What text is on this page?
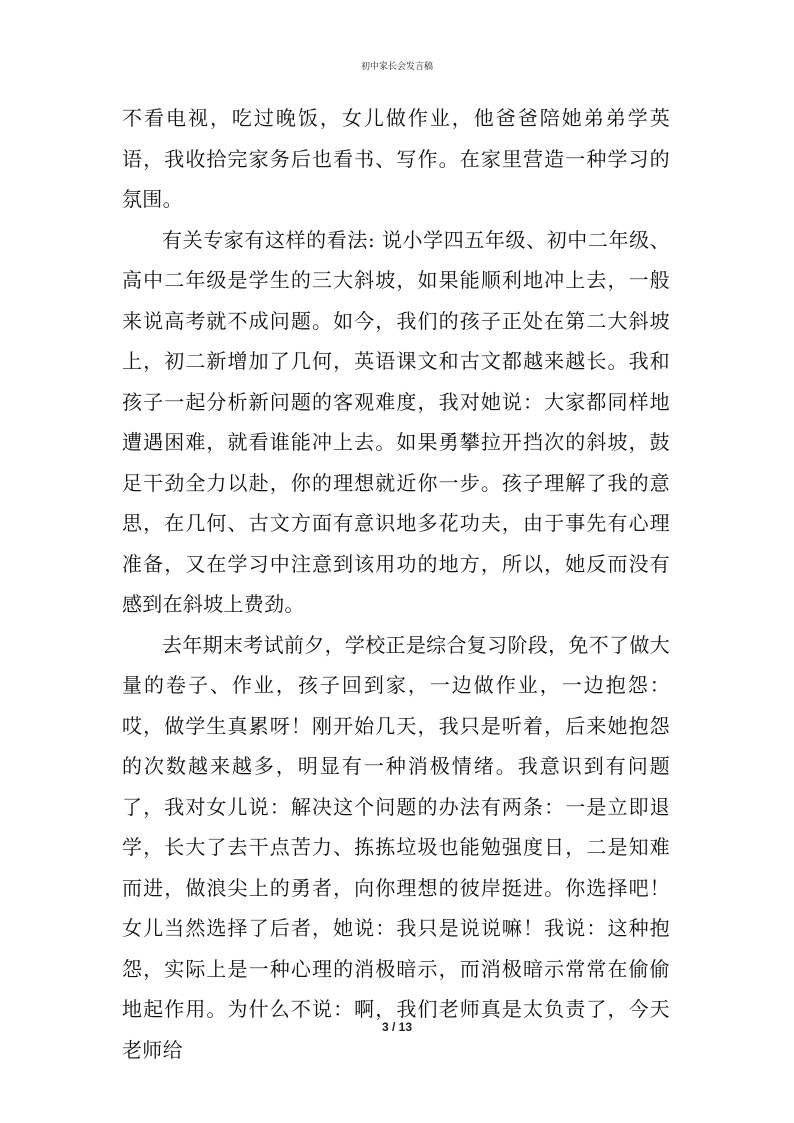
初中家长会发言稿

不看电视，吃过晚饭，女儿做作业，他爸爸陪她弟弟学英语，我收拾完家务后也看书、写作。在家里营造一种学习的氛围。

有关专家有这样的看法: 说小学四五年级、初中二年级、高中二年级是学生的三大斜坡，如果能顺利地冲上去，一般来说高考就不成问题。如今，我们的孩子正处在第二大斜坡上，初二新增加了几何，英语课文和古文都越来越长。我和孩子一起分析新问题的客观难度，我对她说：大家都同样地遭遇困难，就看谁能冲上去。如果勇攀拉开挡次的斜坡，鼓足干劲全力以赴，你的理想就近你一步。孩子理解了我的意思，在几何、古文方面有意识地多花功夫，由于事先有心理准备，又在学习中注意到该用功的地方，所以，她反而没有感到在斜坡上费劲。

去年期末考试前夕，学校正是综合复习阶段，免不了做大量的卷子、作业，孩子回到家，一边做作业，一边抱怨：哎，做学生真累呀！刚开始几天，我只是听着，后来她抱怨的次数越来越多，明显有一种消极情绪。我意识到有问题了，我对女儿说：解决这个问题的办法有两条：一是立即退学，长大了去干点苦力、拣拣垃圾也能勉强度日，二是知难而进，做浪尖上的勇者，向你理想的彼岸挺进。你选择吧！女儿当然选择了后者，她说：我只是说说嘛！我说：这种抱怨，实际上是一种心理的消极暗示，而消极暗示常常在偷偷地起作用。为什么不说：啊，我们老师真是太负责了，今天老师给

3 / 13
